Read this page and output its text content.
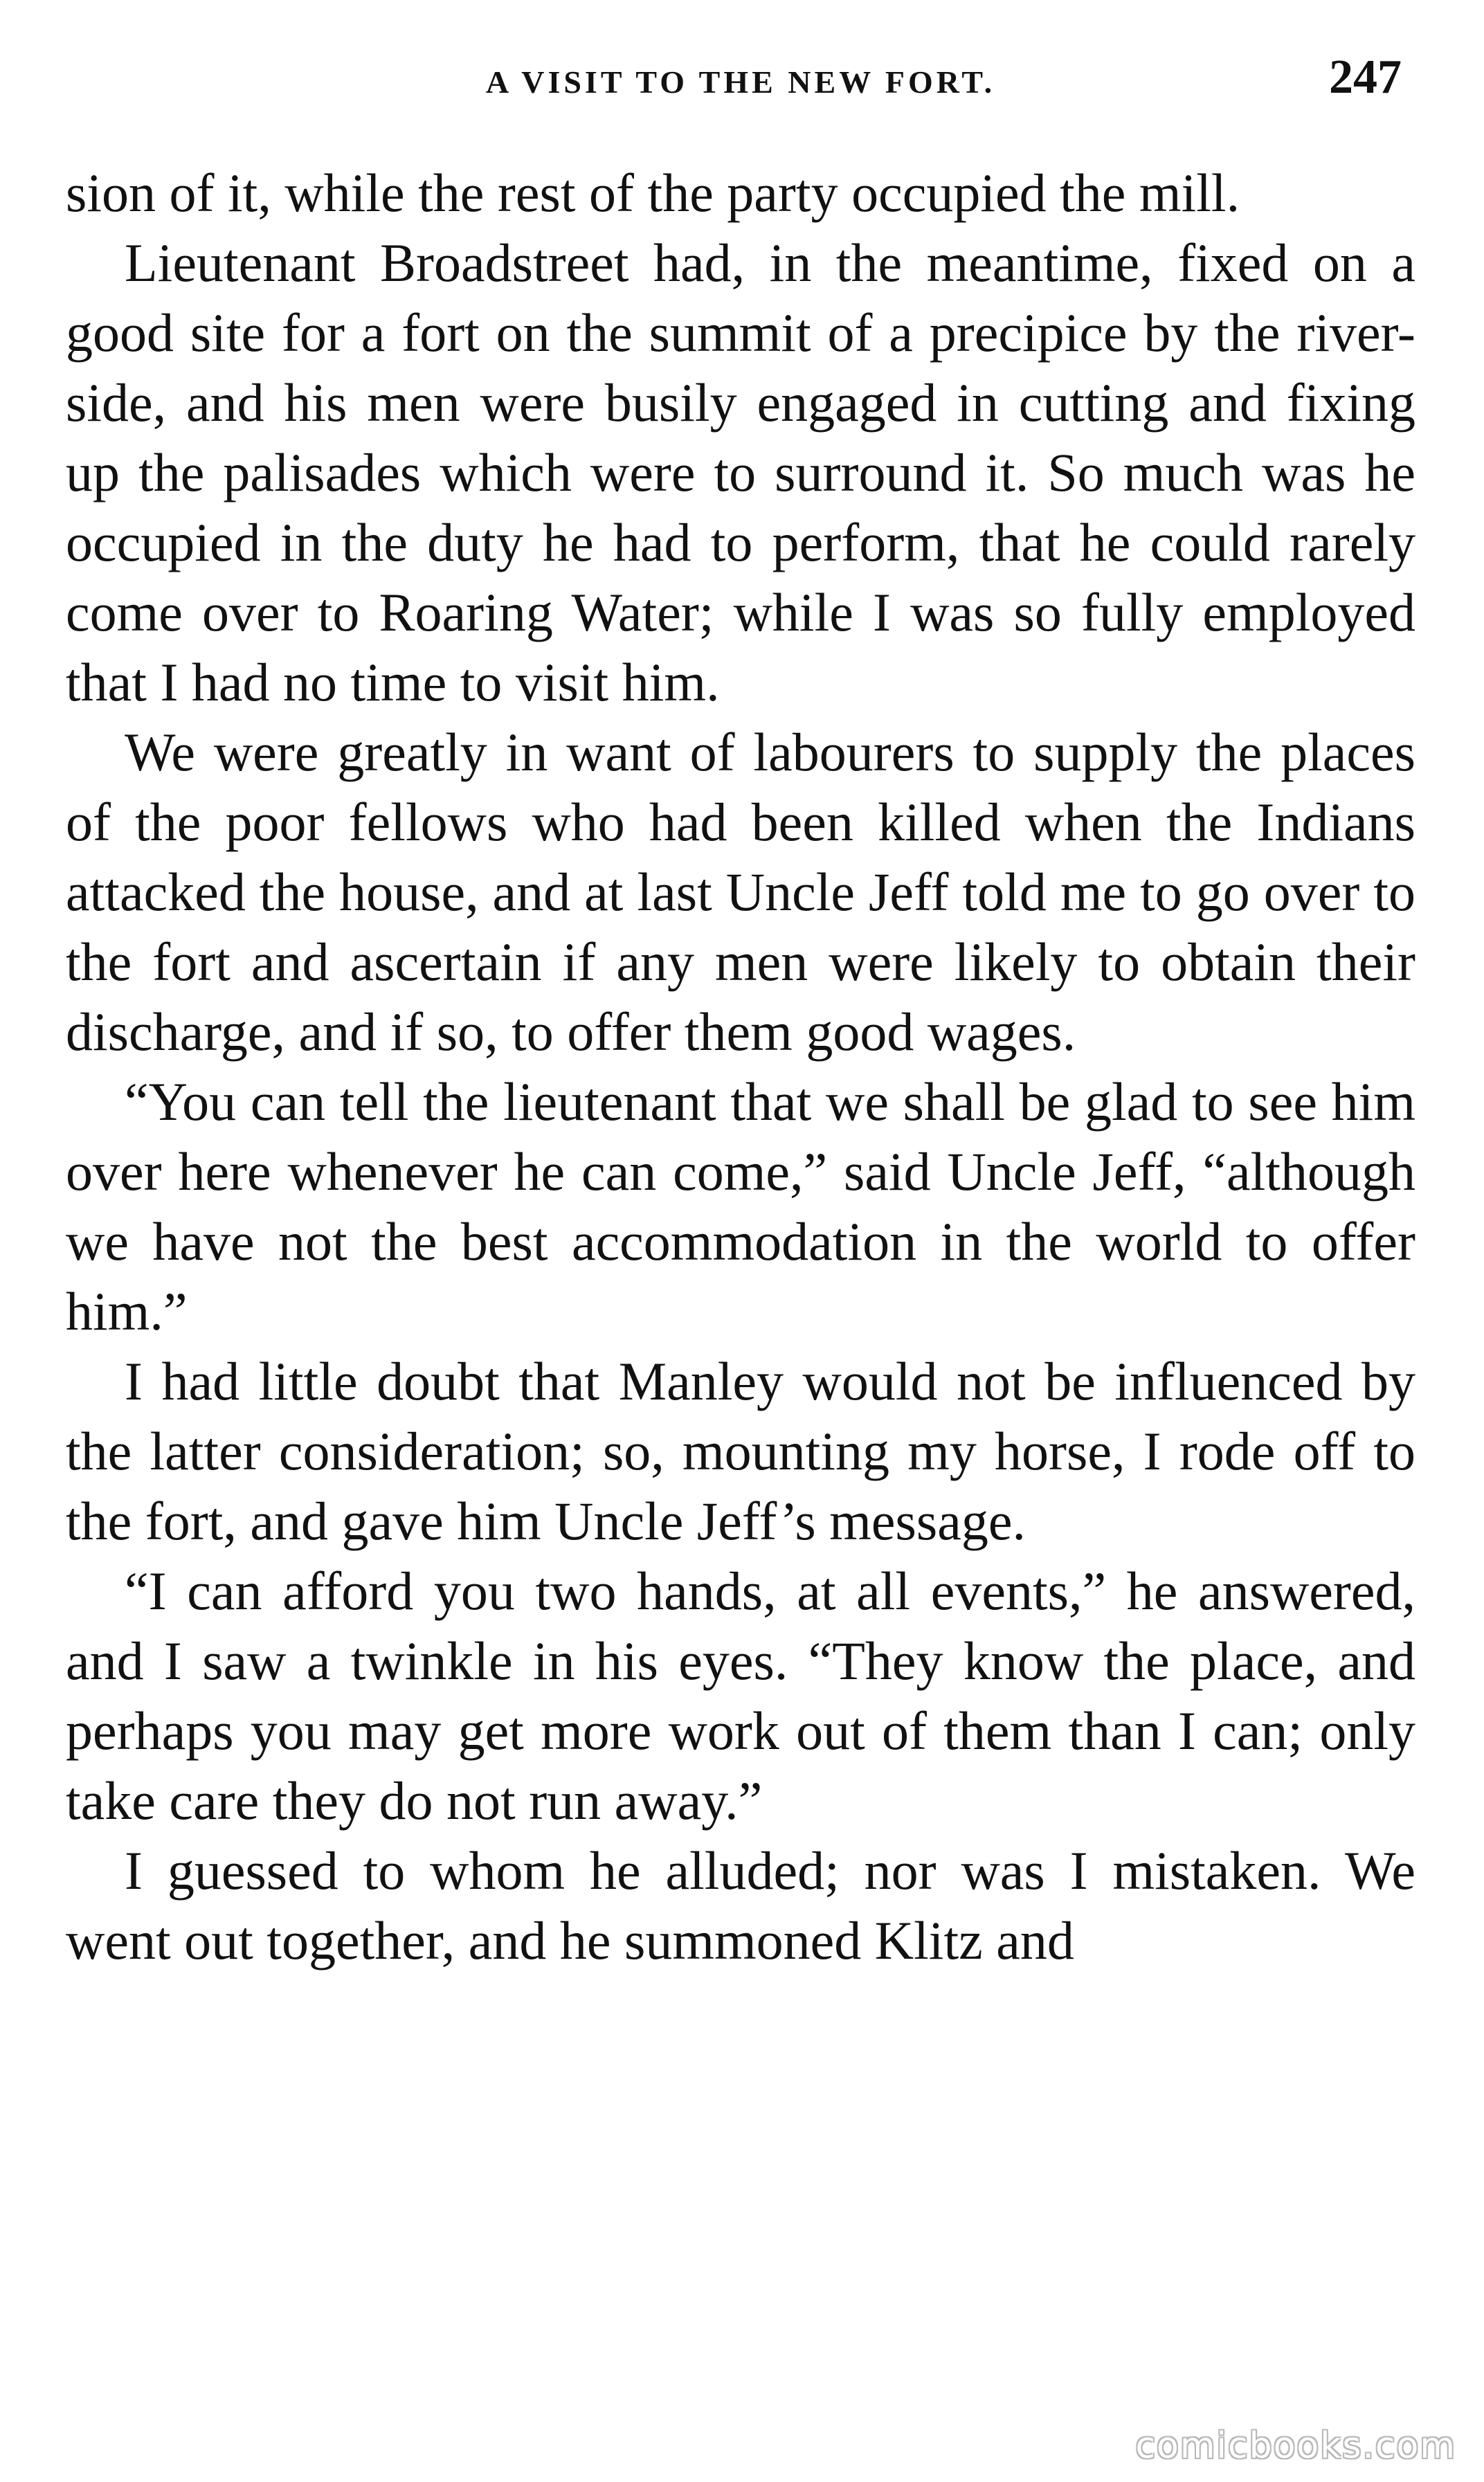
A VISIT TO THE NEW FORT.	247

sion of it, while the rest of the party occupied the mill.

Lieutenant Broadstreet had, in the meantime, fixed on a good site for a fort on the summit of a precipice by the river-side, and his men were busily engaged in cutting and fixing up the palisades which were to surround it. So much was he occupied in the duty he had to perform, that he could rarely come over to Roaring Water; while I was so fully employed that I had no time to visit him.

We were greatly in want of labourers to supply the places of the poor fellows who had been killed when the Indians attacked the house, and at last Uncle Jeff told me to go over to the fort and ascertain if any men were likely to obtain their discharge, and if so, to offer them good wages.

“You can tell the lieutenant that we shall be glad to see him over here whenever he can come,” said Uncle Jeff, “although we have not the best accommodation in the world to offer him.”

I had little doubt that Manley would not be influenced by the latter consideration; so, mounting my horse, I rode off to the fort, and gave him Uncle Jeff’s message.

“I can afford you two hands, at all events,” he answered, and I saw a twinkle in his eyes. “They know the place, and perhaps you may get more work out of them than I can; only take care they do not run away.”

I guessed to whom he alluded; nor was I mistaken. We went out together, and he summoned Klitz and

comicbooks.com
